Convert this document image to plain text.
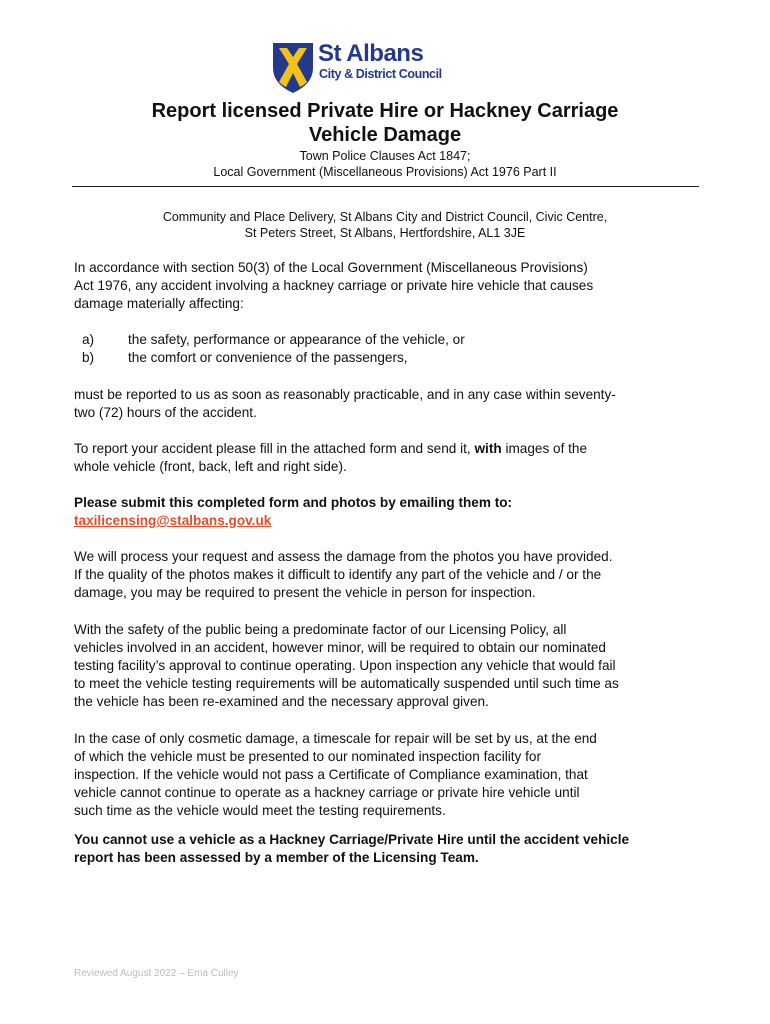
St Albans
City & District Council
Report licensed Private Hire or Hackney Carriage
Vehicle Damage
Town Police Clauses Act 1847;
Local Government (Miscellaneous Provisions) Act 1976 Part II
Community and Place Delivery, St Albans City and District Council, Civic Centre,
St Peters Street, St Albans, Hertfordshire, AL1 3JE
In accordance with section 50(3) of the Local Government (Miscellaneous Provisions)
Act 1976, any accident involving a hackney carriage or private hire vehicle that causes
damage materially affecting:
a) the safety, performance or appearance of the vehicle, or
b) the comfort or convenience of the passengers,
must be reported to us as soon as reasonably practicable, and in any case within seventy-
two (72) hours of the accident.
To report your accident please fill in the attached form and send it, with images of the
whole vehicle (front, back, left and right side).
Please submit this completed form and photos by emailing them to:
taxilicensing@stalbans.gov.uk
We will process your request and assess the damage from the photos you have provided.
If the quality of the photos makes it difficult to identify any part of the vehicle and / or the
damage, you may be required to present the vehicle in person for inspection.
With the safety of the public being a predominate factor of our Licensing Policy, all
vehicles involved in an accident, however minor, will be required to obtain our nominated
testing facility’s approval to continue operating. Upon inspection any vehicle that would fail
to meet the vehicle testing requirements will be automatically suspended until such time as
the vehicle has been re-examined and the necessary approval given.
In the case of only cosmetic damage, a timescale for repair will be set by us, at the end
of which the vehicle must be presented to our nominated inspection facility for
inspection. If the vehicle would not pass a Certificate of Compliance examination, that
vehicle cannot continue to operate as a hackney carriage or private hire vehicle until
such time as the vehicle would meet the testing requirements.
You cannot use a vehicle as a Hackney Carriage/Private Hire until the accident vehicle
report has been assessed by a member of the Licensing Team.
Reviewed August 2022 – Ema Culley
